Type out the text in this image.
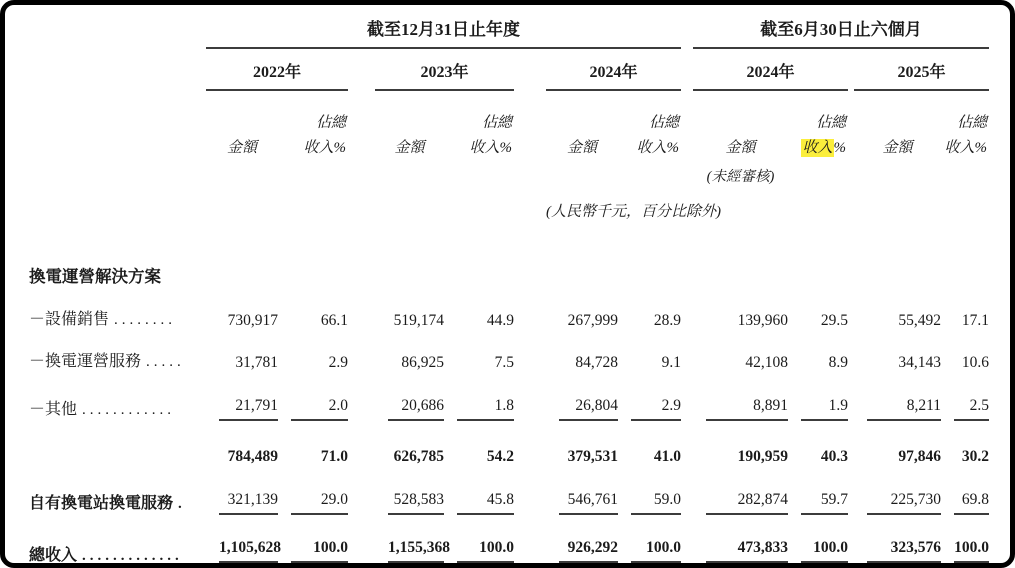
	截至12月31日止年度									截至6月30日止六個月				
	2022年			2023年			2024年			2024年			2025年	
		佔總			佔總			佔總			佔總			佔總
	金額	收入%		金額	收入%		金額	收入%		金額	收入%		金額	收入%
										(未經審核)				
							(人民幣千元，百分比除外)							
換電運營解決方案	

－設備銷售 ........	730,917	66.1		519,174	44.9		267,999	28.9		139,960	29.5		55,492	17.1

－換電運營服務 .....	31,781	2.9		86,925	7.5		84,728	9.1		42,108	8.9		34,143	10.6

－其他 ............	21,791	2.0		20,686	1.8		26,804	2.9		8,891	1.9		8,211	2.5

	784,489	71.0		626,785	54.2		379,531	41.0		190,959	40.3		97,846	30.2

自有換電站換電服務 .	321,139	29.0		528,583	45.8		546,761	59.0		282,874	59.7		225,730	69.8

總收入 .............	1,105,628	100.0		1,155,368	100.0		926,292	100.0		473,833	100.0		323,576	100.0
